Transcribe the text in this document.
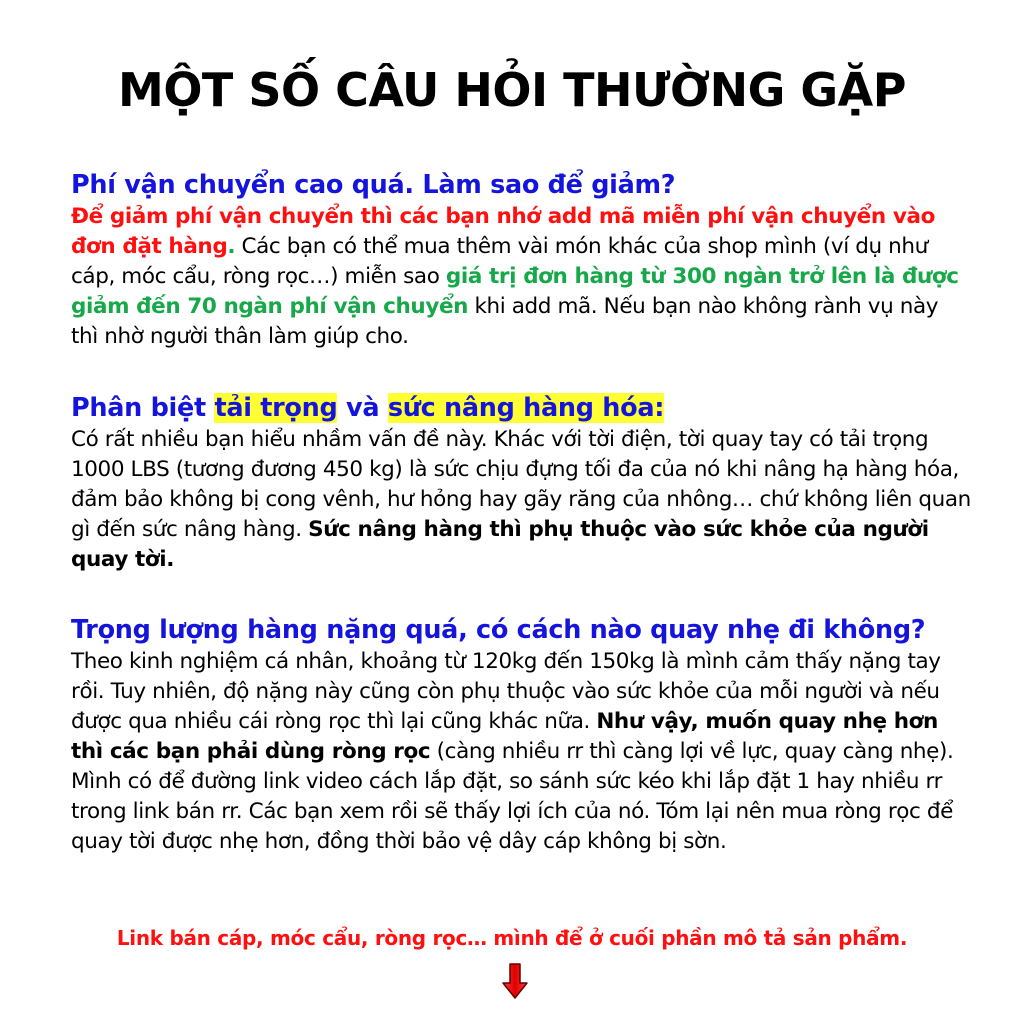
MỘT SỐ CÂU HỎI THƯỜNG GẶP

Phí vận chuyển cao quá. Làm sao để giảm?

Để giảm phí vận chuyển thì các bạn nhớ add mã miễn phí vận chuyển vào đơn đặt hàng. Các bạn có thể mua thêm vài món khác của shop mình (ví dụ như cáp, móc cẩu, ròng rọc…) miễn sao giá trị đơn hàng từ 300 ngàn trở lên là được giảm đến 70 ngàn phí vận chuyển khi add mã. Nếu bạn nào không rành vụ này thì nhờ người thân làm giúp cho.

Phân biệt tải trọng và sức nâng hàng hóa:

Có rất nhiều bạn hiểu nhầm vấn đề này. Khác với tời điện, tời quay tay có tải trọng 1000 LBS (tương đương 450 kg) là sức chịu đựng tối đa của nó khi nâng hạ hàng hóa, đảm bảo không bị cong vênh, hư hỏng hay gãy răng của nhông… chứ không liên quan gì đến sức nâng hàng. Sức nâng hàng thì phụ thuộc vào sức khỏe của người quay tời.

Trọng lượng hàng nặng quá, có cách nào quay nhẹ đi không?

Theo kinh nghiệm cá nhân, khoảng từ 120kg đến 150kg là mình cảm thấy nặng tay rồi. Tuy nhiên, độ nặng này cũng còn phụ thuộc vào sức khỏe của mỗi người và nếu được qua nhiều cái ròng rọc thì lại cũng khác nữa. Như vậy, muốn quay nhẹ hơn thì các bạn phải dùng ròng rọc (càng nhiều rr thì càng lợi về lực, quay càng nhẹ). Mình có để đường link video cách lắp đặt, so sánh sức kéo khi lắp đặt 1 hay nhiều rr trong link bán rr. Các bạn xem rồi sẽ thấy lợi ích của nó. Tóm lại nên mua ròng rọc để quay tời được nhẹ hơn, đồng thời bảo vệ dây cáp không bị sờn.

Link bán cáp, móc cẩu, ròng rọc… mình để ở cuối phần mô tả sản phẩm.
